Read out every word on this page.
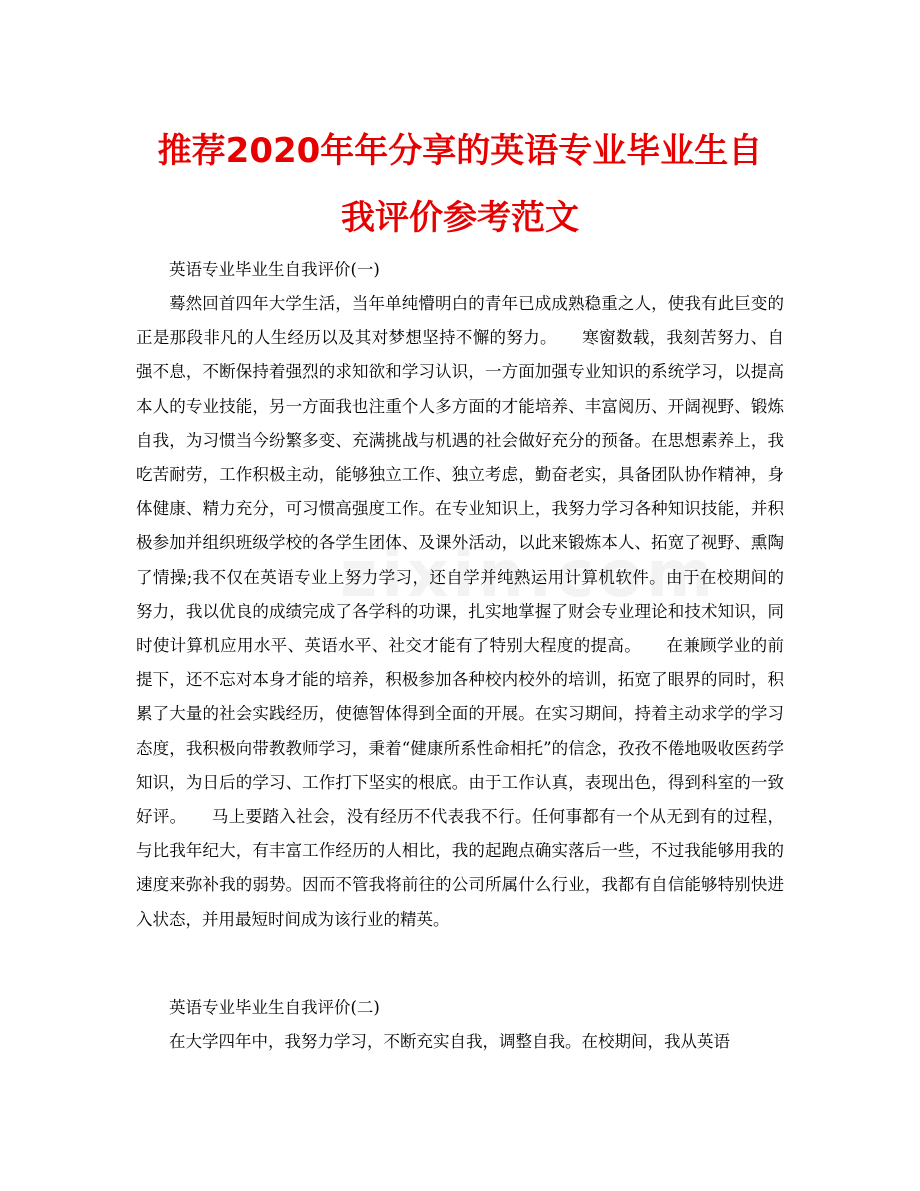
推荐2020年年分享的英语专业毕业生自
我评价参考范文

英语专业毕业生自我评价(一)

蓦然回首四年大学生活，当年单纯懵明白的青年已成成熟稳重之人，使我有此巨变的正是那段非凡的人生经历以及其对梦想坚持不懈的努力。　　寒窗数载，我刻苦努力、自强不息，不断保持着强烈的求知欲和学习认识，一方面加强专业知识的系统学习，以提高本人的专业技能，另一方面我也注重个人多方面的才能培养、丰富阅历、开阔视野、锻炼自我，为习惯当今纷繁多变、充满挑战与机遇的社会做好充分的预备。在思想素养上，我吃苦耐劳，工作积极主动，能够独立工作、独立考虑，勤奋老实，具备团队协作精神，身体健康、精力充分，可习惯高强度工作。在专业知识上，我努力学习各种知识技能，并积极参加并组织班级学校的各学生团体、及课外活动，以此来锻炼本人、拓宽了视野、熏陶了情操;我不仅在英语专业上努力学习，还自学并纯熟运用计算机软件。由于在校期间的努力，我以优良的成绩完成了各学科的功课，扎实地掌握了财会专业理论和技术知识，同时使计算机应用水平、英语水平、社交才能有了特别大程度的提高。　　在兼顾学业的前提下，还不忘对本身才能的培养，积极参加各种校内校外的培训，拓宽了眼界的同时，积累了大量的社会实践经历，使德智体得到全面的开展。在实习期间，持着主动求学的学习态度，我积极向带教教师学习，秉着“健康所系性命相托”的信念，孜孜不倦地吸收医药学知识，为日后的学习、工作打下坚实的根底。由于工作认真，表现出色，得到科室的一致好评。　　马上要踏入社会，没有经历不代表我不行。任何事都有一个从无到有的过程，与比我年纪大，有丰富工作经历的人相比，我的起跑点确实落后一些，不过我能够用我的速度来弥补我的弱势。因而不管我将前往的公司所属什么行业，我都有自信能够特别快进入状态，并用最短时间成为该行业的精英。

英语专业毕业生自我评价(二)

在大学四年中，我努力学习，不断充实自我，调整自我。在校期间，我从英语
